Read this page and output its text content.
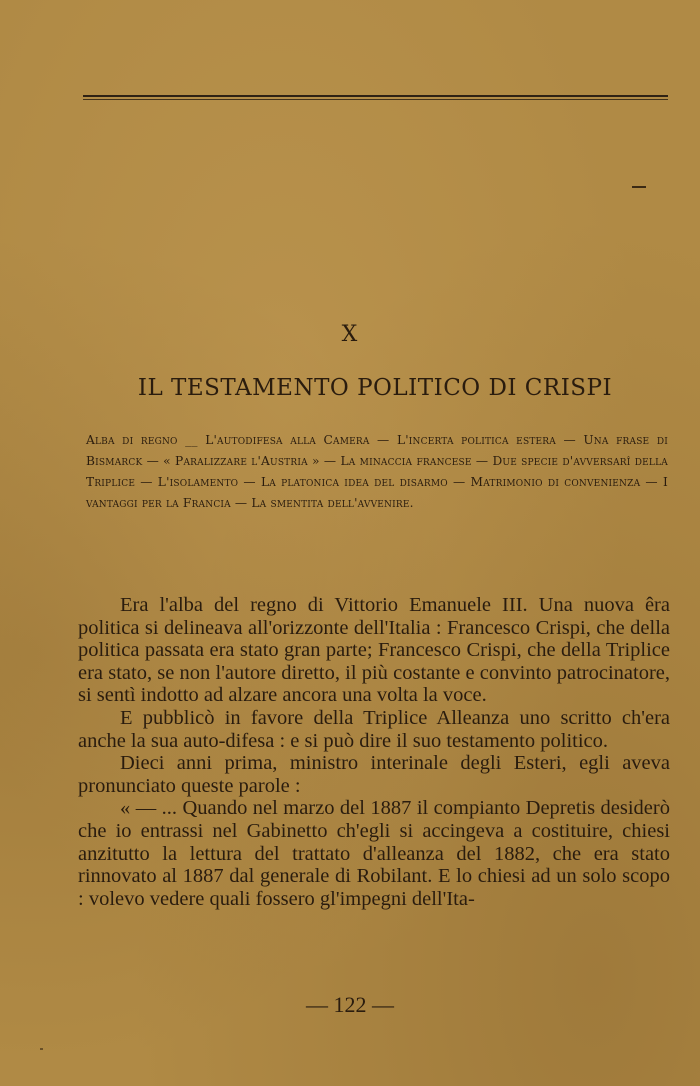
X
IL TESTAMENTO POLITICO DI CRISPI
Alba di regno __ L'autodifesa alla Camera — L'incerta politica estera — Una frase di Bismarck — « Paralizzare l'Austria » — La minaccia francese — Due specie d'avversarî della Triplice — L'isolamento — La platonica idea del disarmo — Matrimonio di convenienza — I vantaggi per la Francia — La smentita dell'avvenire.

Era l'alba del regno di Vittorio Emanuele III. Una nuova êra politica si delineava all'orizzonte dell'Italia : Francesco Crispi, che della politica passata era stato gran parte; Francesco Crispi, che della Triplice era stato, se non l'autore diretto, il più costante e convinto patrocinatore, si sentì indotto ad alzare ancora una volta la voce.

E pubblicò in favore della Triplice Alleanza uno scritto ch'era anche la sua auto-difesa : e si può dire il suo testamento politico.

Dieci anni prima, ministro interinale degli Esteri, egli aveva pronunciato queste parole :

« — ... Quando nel marzo del 1887 il compianto Depretis desiderò che io entrassi nel Gabinetto ch'egli si accingeva a costituire, chiesi anzitutto la lettura del trattato d'alleanza del 1882, che era stato rinnovato al 1887 dal generale di Robilant. E lo chiesi ad un solo scopo : volevo vedere quali fossero gl'impegni dell'Ita-

— 122 —
